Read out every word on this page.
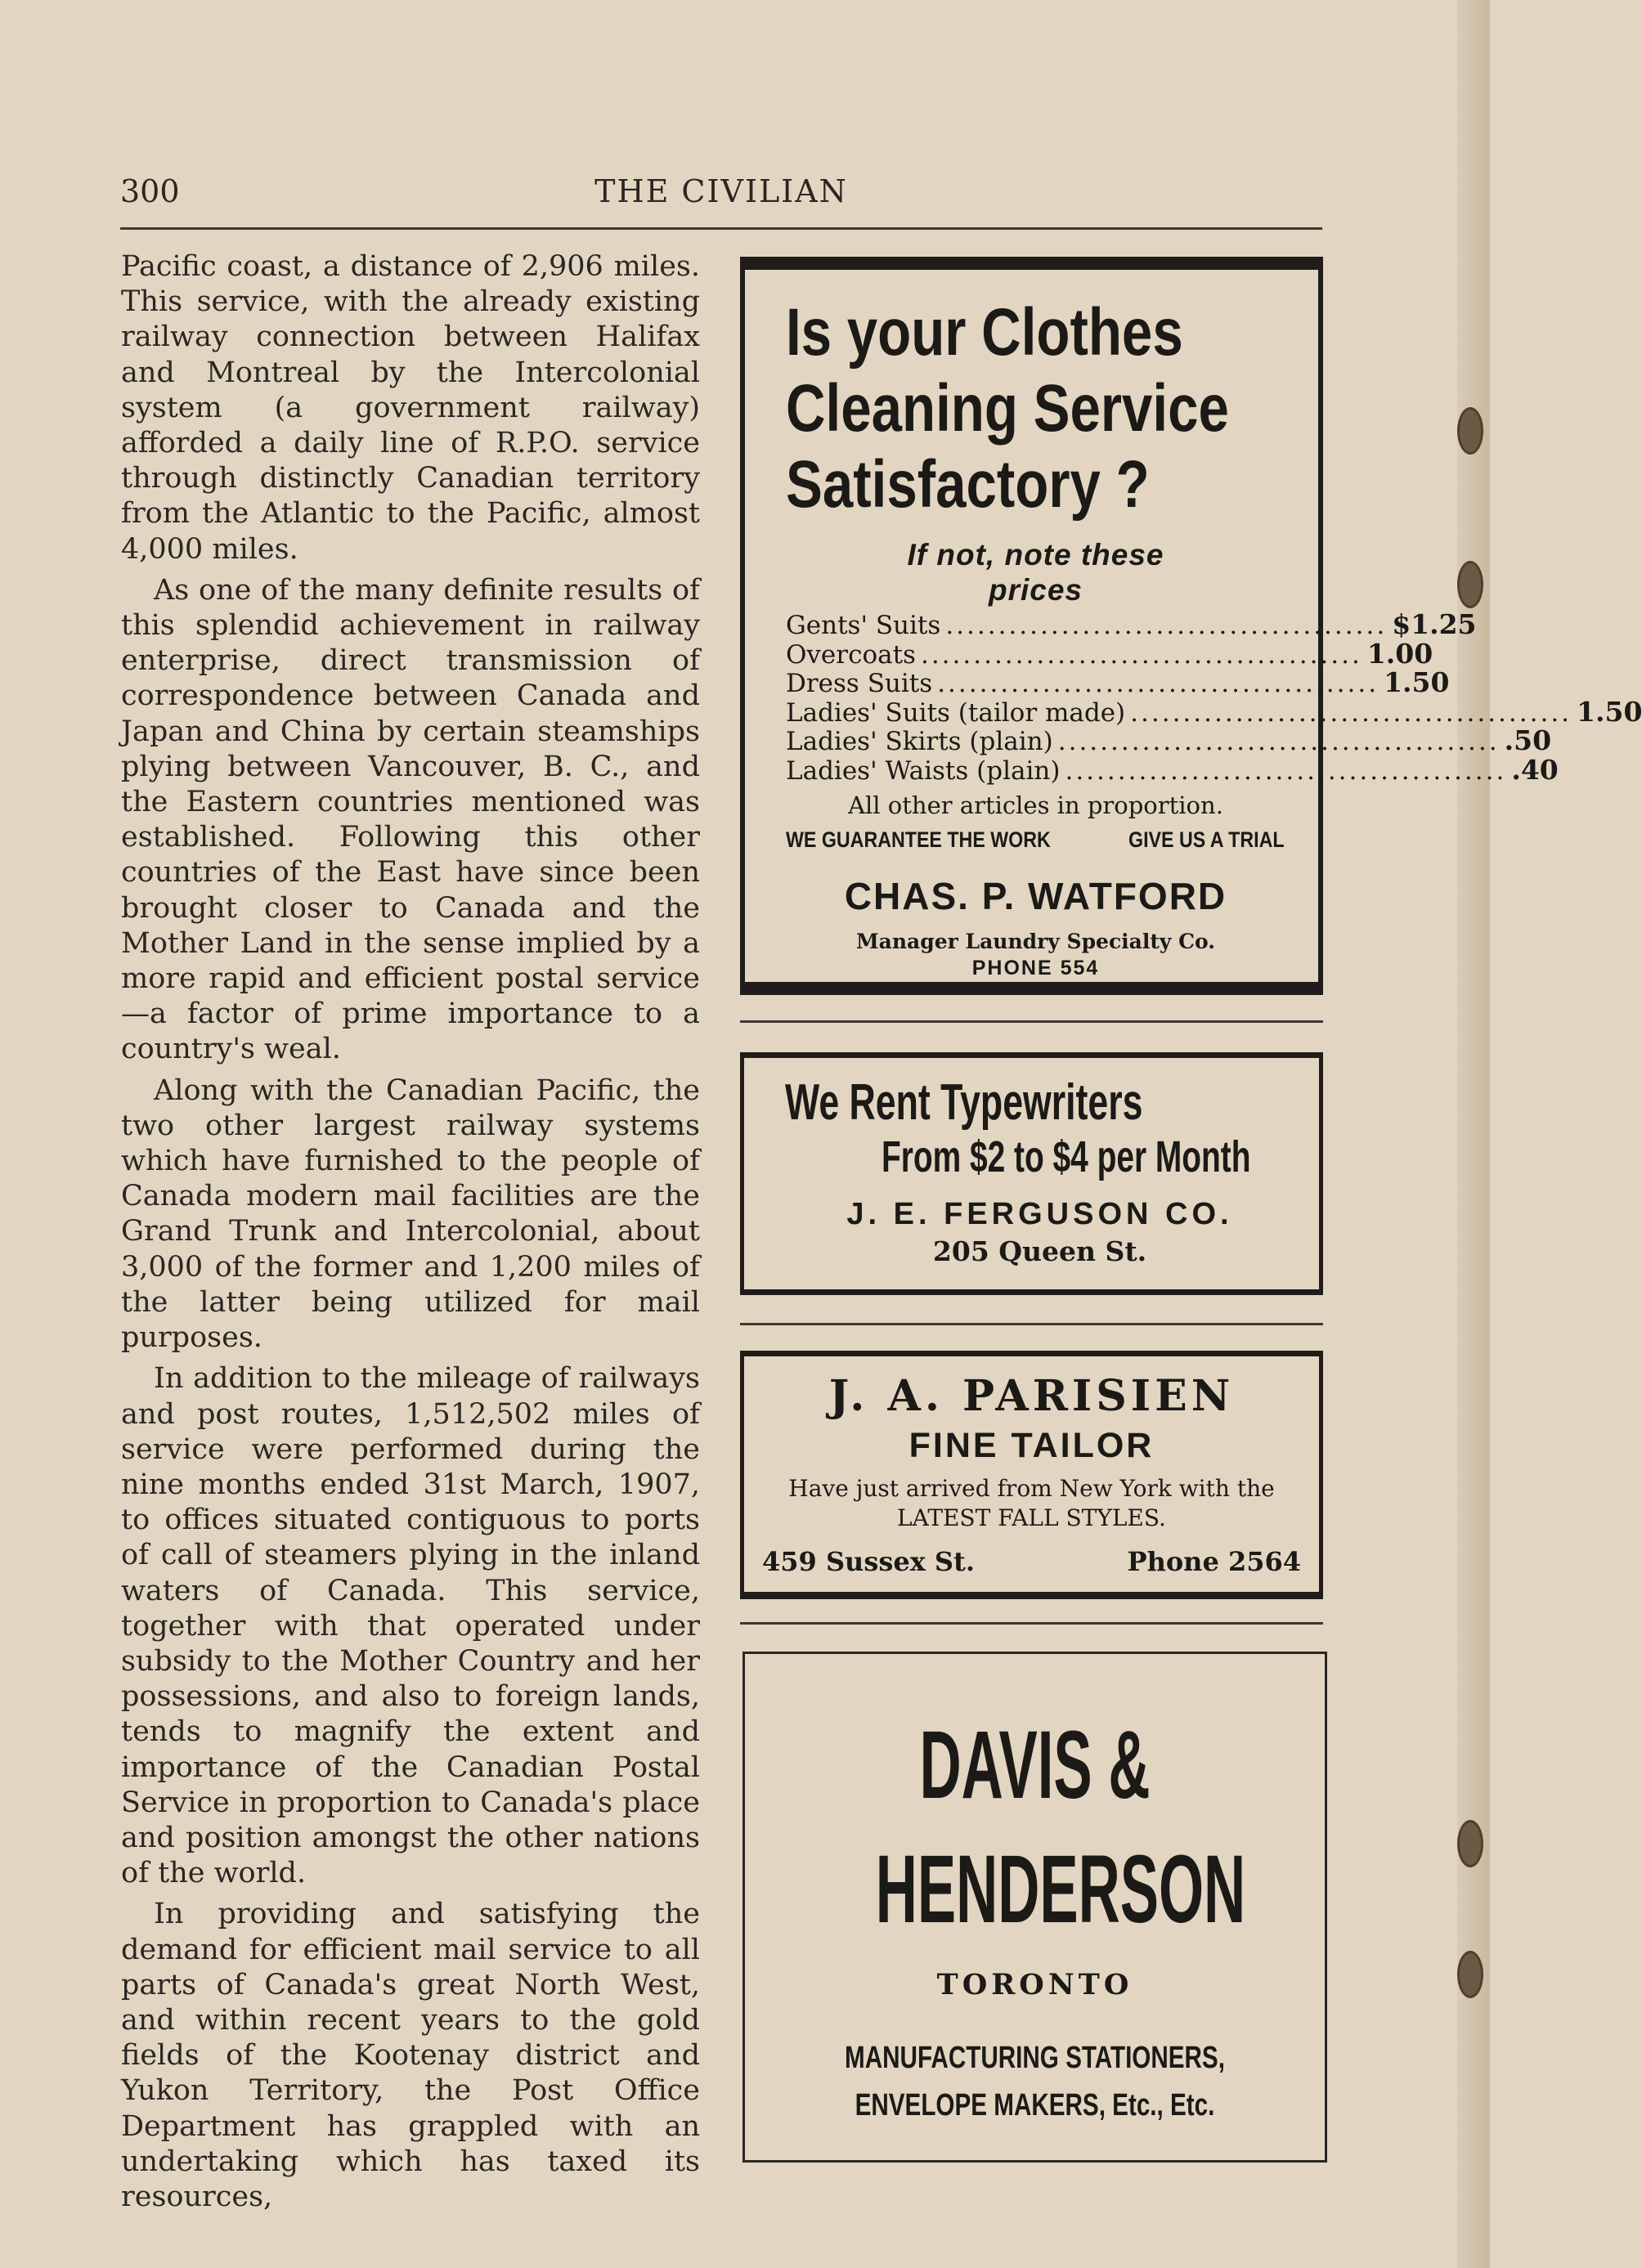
300	THE CIVILIAN

Pacific coast, a distance of 2,906 miles. This service, with the already existing railway connection between Halifax and Montreal by the Intercolonial system (a government railway) afforded a daily line of R.P.O. service through distinctly Canadian territory from the Atlantic to the Pacific, almost 4,000 miles.

As one of the many definite results of this splendid achievement in railway enterprise, direct transmission of correspondence between Canada and Japan and China by certain steamships plying between Vancouver, B. C., and the Eastern countries mentioned was established. Following this other countries of the East have since been brought closer to Canada and the Mother Land in the sense implied by a more rapid and efficient postal service—a factor of prime importance to a country's weal.

Along with the Canadian Pacific, the two other largest railway systems which have furnished to the people of Canada modern mail facilities are the Grand Trunk and Intercolonial, about 3,000 of the former and 1,200 miles of the latter being utilized for mail purposes.

In addition to the mileage of railways and post routes, 1,512,502 miles of service were performed during the nine months ended 31st March, 1907, to offices situated contiguous to ports of call of steamers plying in the inland waters of Canada. This service, together with that operated under subsidy to the Mother Country and her possessions, and also to foreign lands, tends to magnify the extent and importance of the Canadian Postal Service in proportion to Canada's place and position amongst the other nations of the world.

In providing and satisfying the demand for efficient mail service to all parts of Canada's great North West, and within recent years to the gold fields of the Kootenay district and Yukon Territory, the Post Office Department has grappled with an undertaking which has taxed its resources,

Is your Clothes
Cleaning Service
Satisfactory ?
If not, note these
prices
Gents' Suits .......................................... $1.25
Overcoats .......................................... 1.00
Dress Suits .......................................... 1.50
Ladies' Suits (tailor made) .......................................... 1.50
Ladies' Skirts (plain) .......................................... .50
Ladies' Waists (plain) .......................................... .40
All other articles in proportion.
WE GUARANTEE THE WORK	GIVE US A TRIAL
CHAS. P. WATFORD
Manager Laundry Specialty Co.
PHONE 554
We Rent Typewriters
From $2 to $4 per Month
J. E. FERGUSON CO.
205 Queen St.
J. A. PARISIEN
FINE TAILOR
Have just arrived from New York with the
LATEST FALL STYLES.
459 Sussex St.	Phone 2564
DAVIS &
HENDERSON
TORONTO
MANUFACTURING STATIONERS,
ENVELOPE MAKERS, Etc., Etc.
